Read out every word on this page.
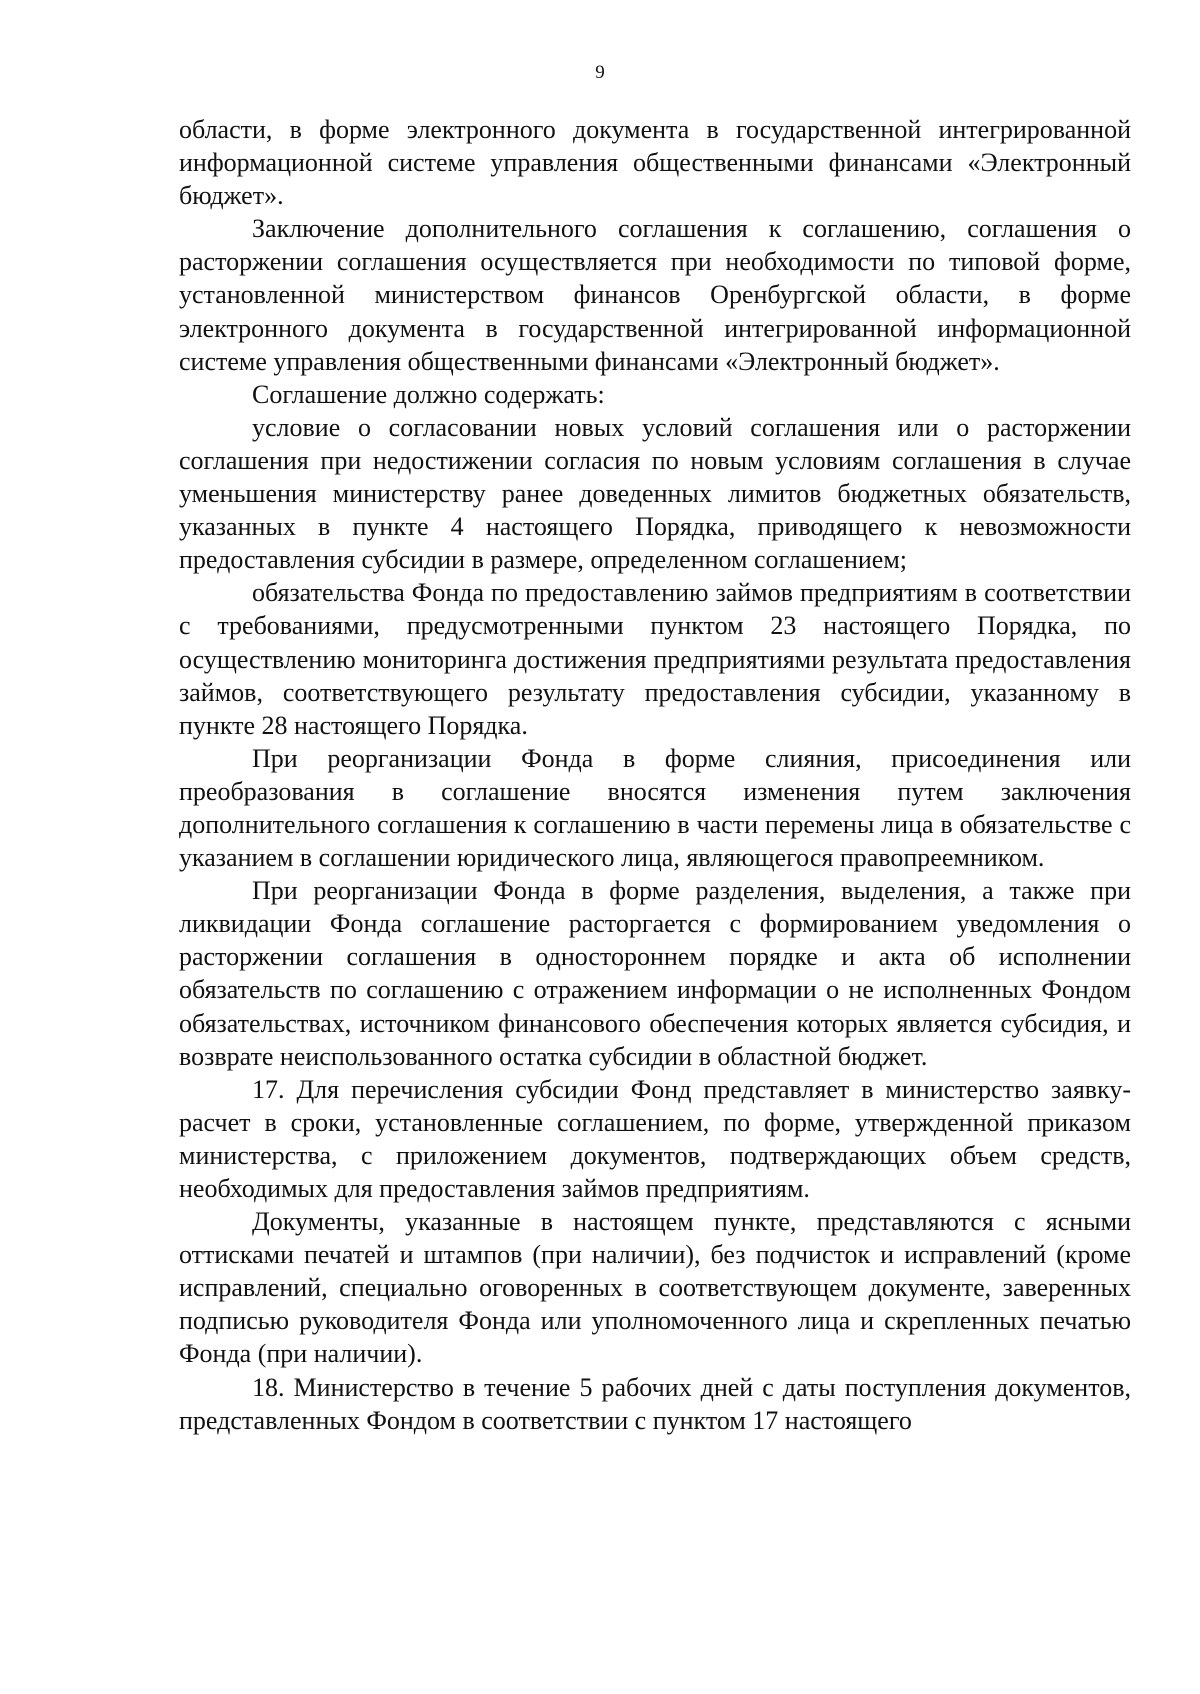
9

области, в форме электронного документа в государственной интегрированной информационной системе управления общественными финансами «Электронный бюджет».

Заключение дополнительного соглашения к соглашению, соглашения о расторжении соглашения осуществляется при необходимости по типовой форме, установленной министерством финансов Оренбургской области, в форме электронного документа в государственной интегрированной информационной системе управления общественными финансами «Электронный бюджет».

Соглашение должно содержать:

условие о согласовании новых условий соглашения или о расторжении соглашения при недостижении согласия по новым условиям соглашения в случае уменьшения министерству ранее доведенных лимитов бюджетных обязательств, указанных в пункте 4 настоящего Порядка, приводящего к невозможности предоставления субсидии в размере, определенном соглашением;

обязательства Фонда по предоставлению займов предприятиям в соответствии с требованиями, предусмотренными пунктом 23 настоящего Порядка, по осуществлению мониторинга достижения предприятиями результата предоставления займов, соответствующего результату предоставления субсидии, указанному в пункте 28 настоящего Порядка.

При реорганизации Фонда в форме слияния, присоединения или преобразования в соглашение вносятся изменения путем заключения дополнительного соглашения к соглашению в части перемены лица в обязательстве с указанием в соглашении юридического лица, являющегося правопреемником.

При реорганизации Фонда в форме разделения, выделения, а также при ликвидации Фонда соглашение расторгается с формированием уведомления о расторжении соглашения в одностороннем порядке и акта об исполнении обязательств по соглашению с отражением информации о не исполненных Фондом обязательствах, источником финансового обеспечения которых является субсидия, и возврате неиспользованного остатка субсидии в областной бюджет.

17. Для перечисления субсидии Фонд представляет в министерство заявку-расчет в сроки, установленные соглашением, по форме, утвержденной приказом министерства, с приложением документов, подтверждающих объем средств, необходимых для предоставления займов предприятиям.

Документы, указанные в настоящем пункте, представляются с ясными оттисками печатей и штампов (при наличии), без подчисток и исправлений (кроме исправлений, специально оговоренных в соответствующем документе, заверенных подписью руководителя Фонда или уполномоченного лица и скрепленных печатью Фонда (при наличии).

18. Министерство в течение 5 рабочих дней с даты поступления документов, представленных Фондом в соответствии с пунктом 17 настоящего
